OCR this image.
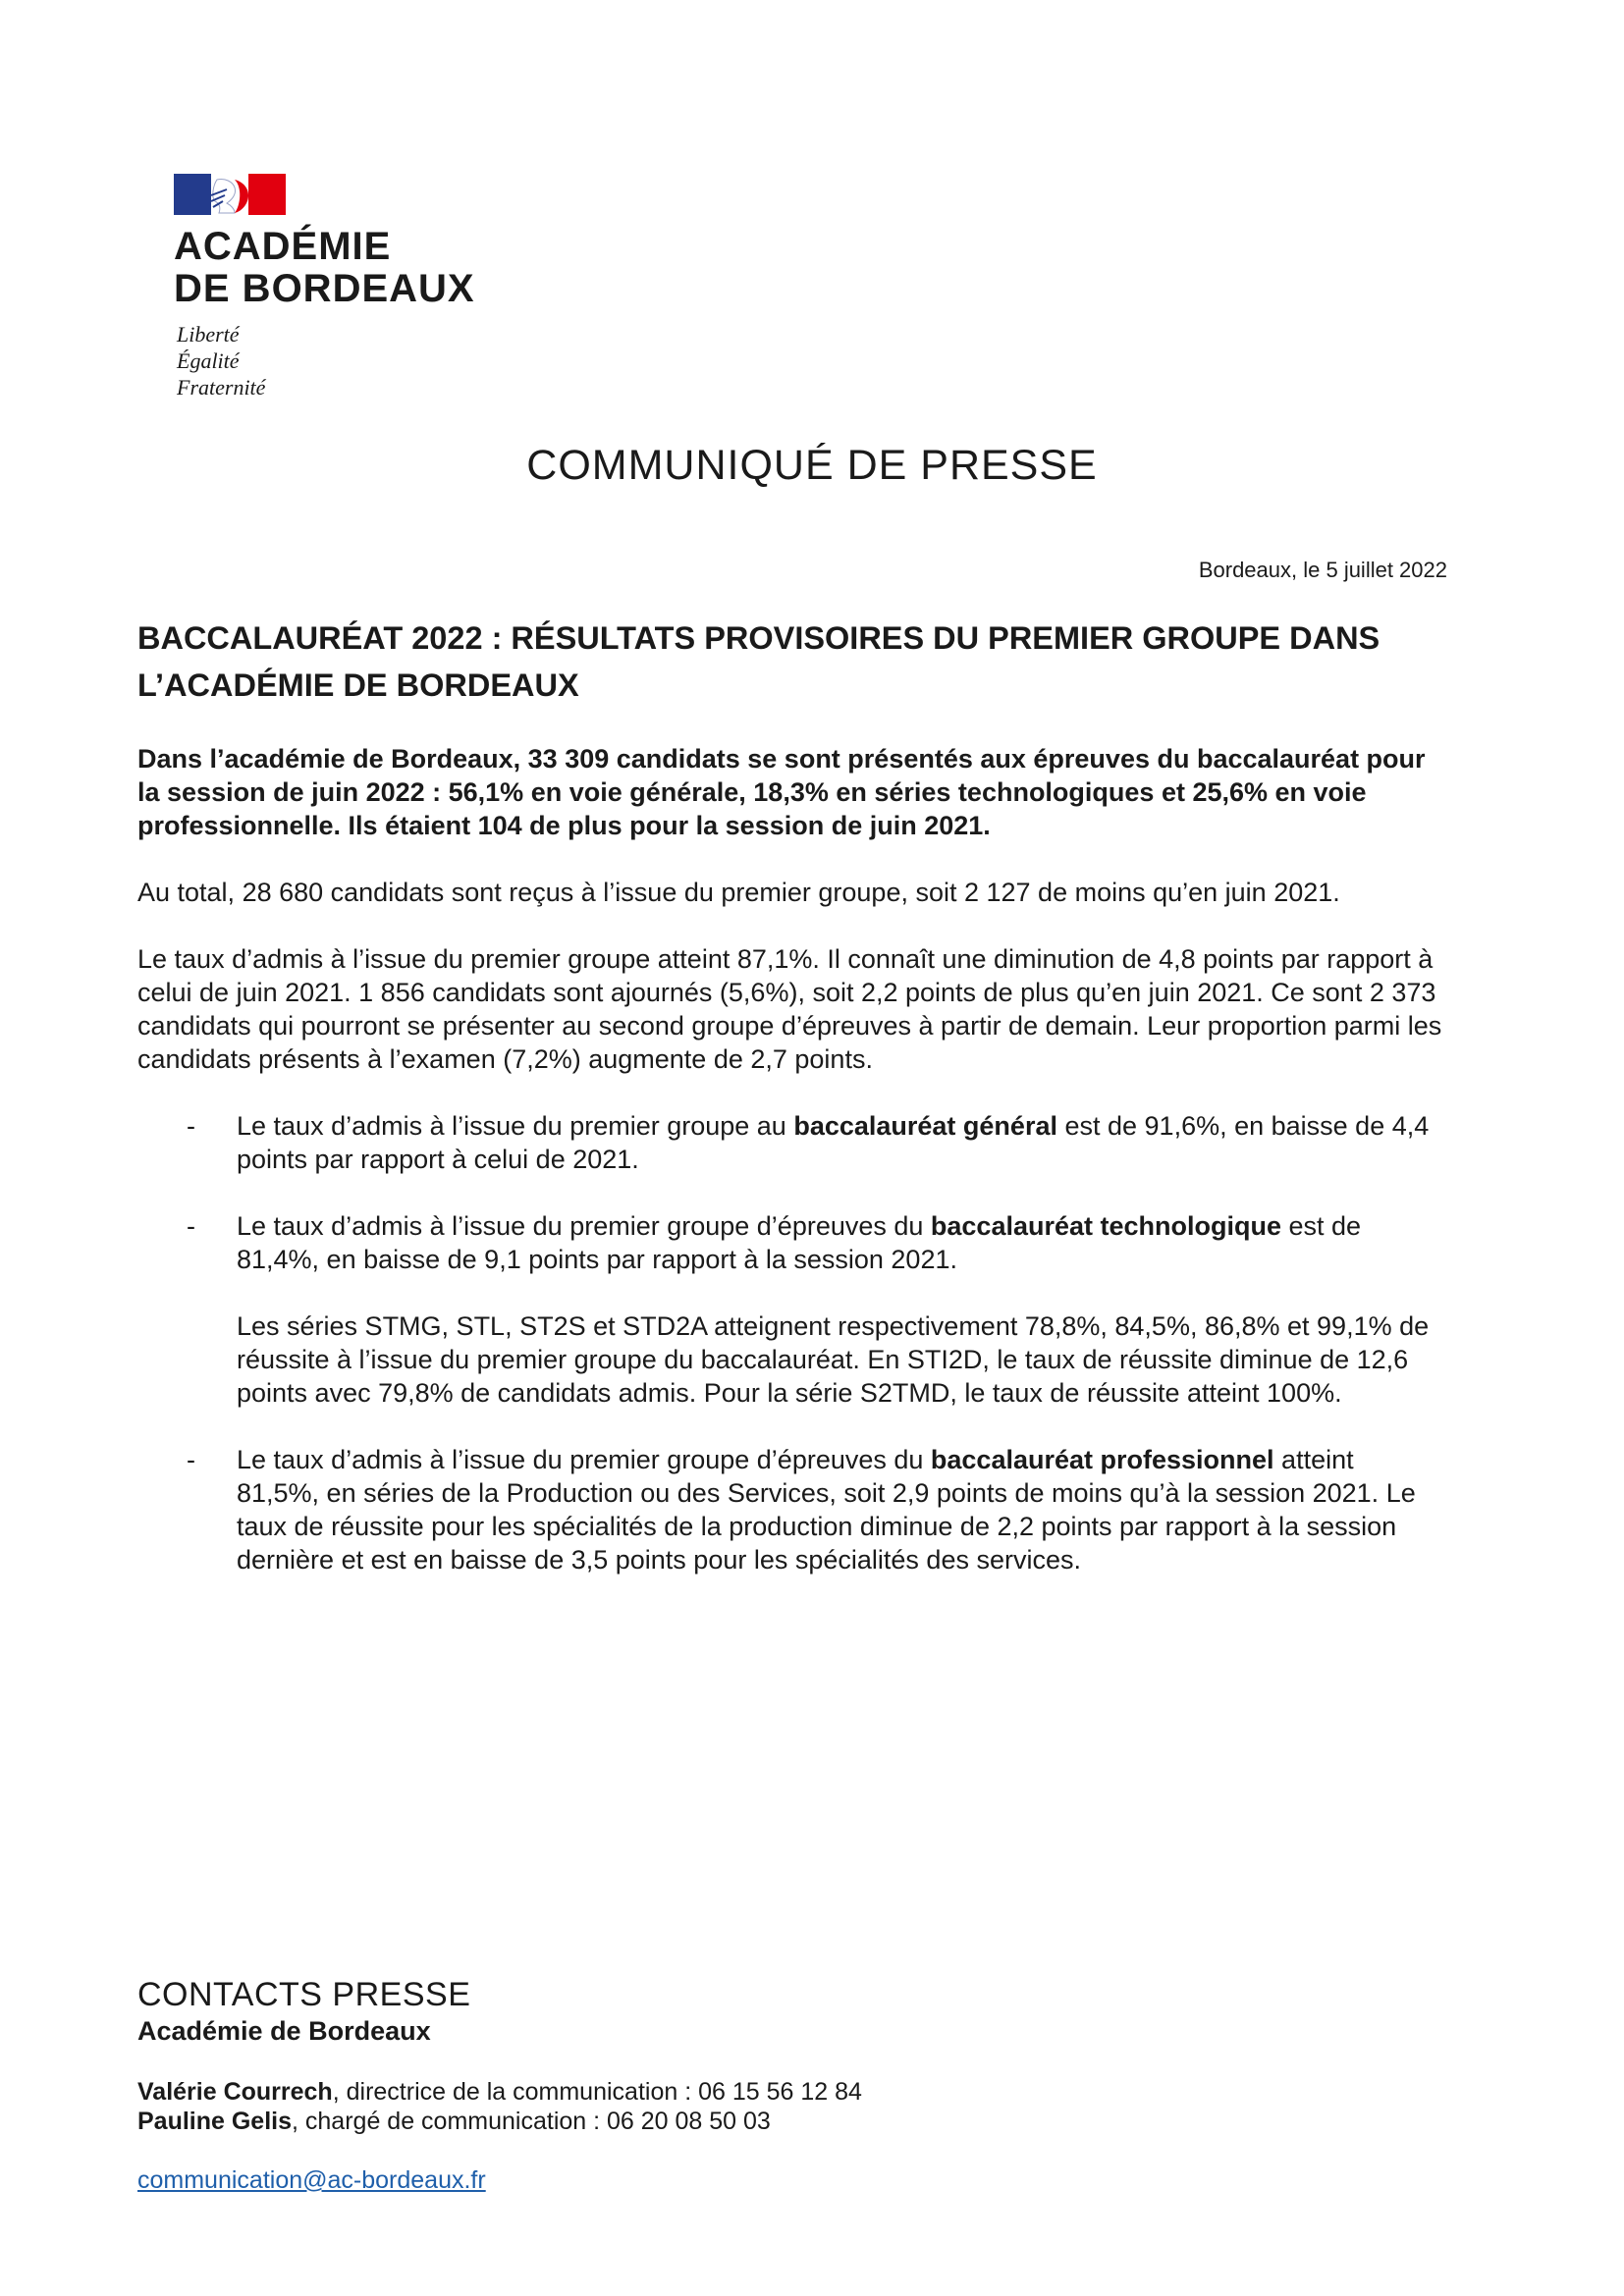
ACADÉMIE
DE BORDEAUX
Liberté
Égalité
Fraternité
COMMUNIQUÉ DE PRESSE
Bordeaux, le 5 juillet 2022
BACCALAURÉAT 2022 : RÉSULTATS PROVISOIRES DU PREMIER GROUPE DANS L’ACADÉMIE DE BORDEAUX

Dans l’académie de Bordeaux, 33 309 candidats se sont présentés aux épreuves du baccalauréat pour la session de juin 2022 : 56,1% en voie générale, 18,3% en séries technologiques et 25,6% en voie professionnelle. Ils étaient 104 de plus pour la session de juin 2021.

Au total, 28 680 candidats sont reçus à l’issue du premier groupe, soit 2 127 de moins qu’en juin 2021.

Le taux d’admis à l’issue du premier groupe atteint 87,1%. Il connaît une diminution de 4,8 points par rapport à celui de juin 2021. 1 856 candidats sont ajournés (5,6%), soit 2,2 points de plus qu’en juin 2021. Ce sont 2 373 candidats qui pourront se présenter au second groupe d’épreuves à partir de demain. Leur proportion parmi les candidats présents à l’examen (7,2%) augmente de 2,7 points.

- Le taux d’admis à l’issue du premier groupe au baccalauréat général est de 91,6%, en baisse de 4,4 points par rapport à celui de 2021.
- Le taux d’admis à l’issue du premier groupe d’épreuves du baccalauréat technologique est de 81,4%, en baisse de 9,1 points par rapport à la session 2021.
Les séries STMG, STL, ST2S et STD2A atteignent respectivement 78,8%, 84,5%, 86,8% et 99,1% de réussite à l’issue du premier groupe du baccalauréat. En STI2D, le taux de réussite diminue de 12,6 points avec 79,8% de candidats admis. Pour la série S2TMD, le taux de réussite atteint 100%.
- Le taux d’admis à l’issue du premier groupe d’épreuves du baccalauréat professionnel atteint 81,5%, en séries de la Production ou des Services, soit 2,9 points de moins qu’à la session 2021. Le taux de réussite pour les spécialités de la production diminue de 2,2 points par rapport à la session dernière et est en baisse de 3,5 points pour les spécialités des services.
CONTACTS PRESSE
Académie de Bordeaux
Valérie Courrech, directrice de la communication : 06 15 56 12 84
Pauline Gelis, chargé de communication : 06 20 08 50 03
communication@ac-bordeaux.fr
